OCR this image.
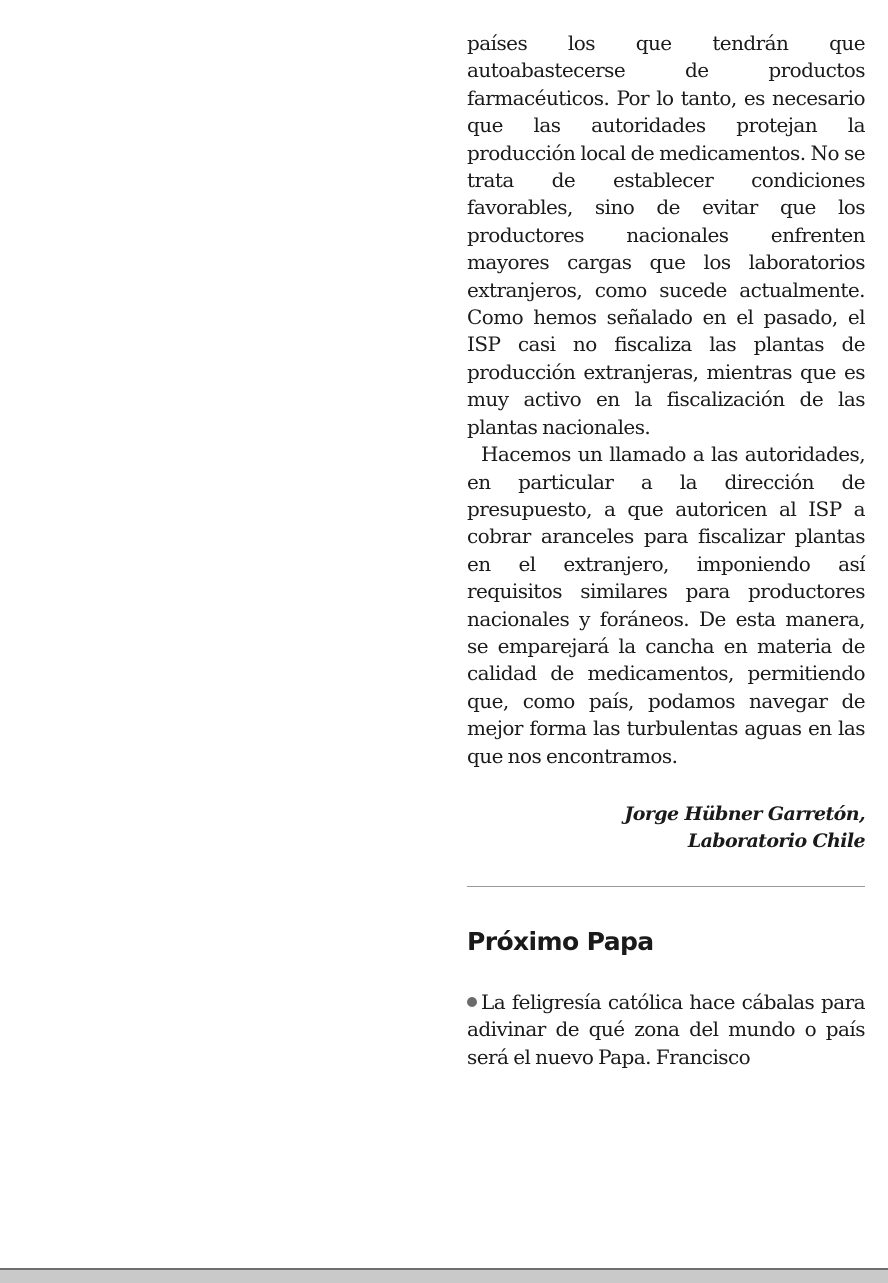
países los que tendrán que autoabastecerse de productos farmacéuticos. Por lo tanto, es necesario que las autoridades protejan la producción local de medicamentos. No se trata de establecer condiciones favorables, sino de evitar que los productores nacionales enfrenten mayores cargas que los laboratorios extranjeros, como sucede actualmente. Como hemos señalado en el pasado, el ISP casi no fiscaliza las plantas de producción extranjeras, mientras que es muy activo en la fiscalización de las plantas nacionales.

Hacemos un llamado a las autoridades, en particular a la dirección de presupuesto, a que autoricen al ISP a cobrar aranceles para fiscalizar plantas en el extranjero, imponiendo así requisitos similares para productores nacionales y foráneos. De esta manera, se emparejará la cancha en materia de calidad de medicamentos, permitiendo que, como país, podamos navegar de mejor forma las turbulentas aguas en las que nos encontramos.

Jorge Hübner Garretón,
Laboratorio Chile
Próximo Papa

La feligresía católica hace cábalas para adivinar de qué zona del mundo o país será el nuevo Papa. Francisco
